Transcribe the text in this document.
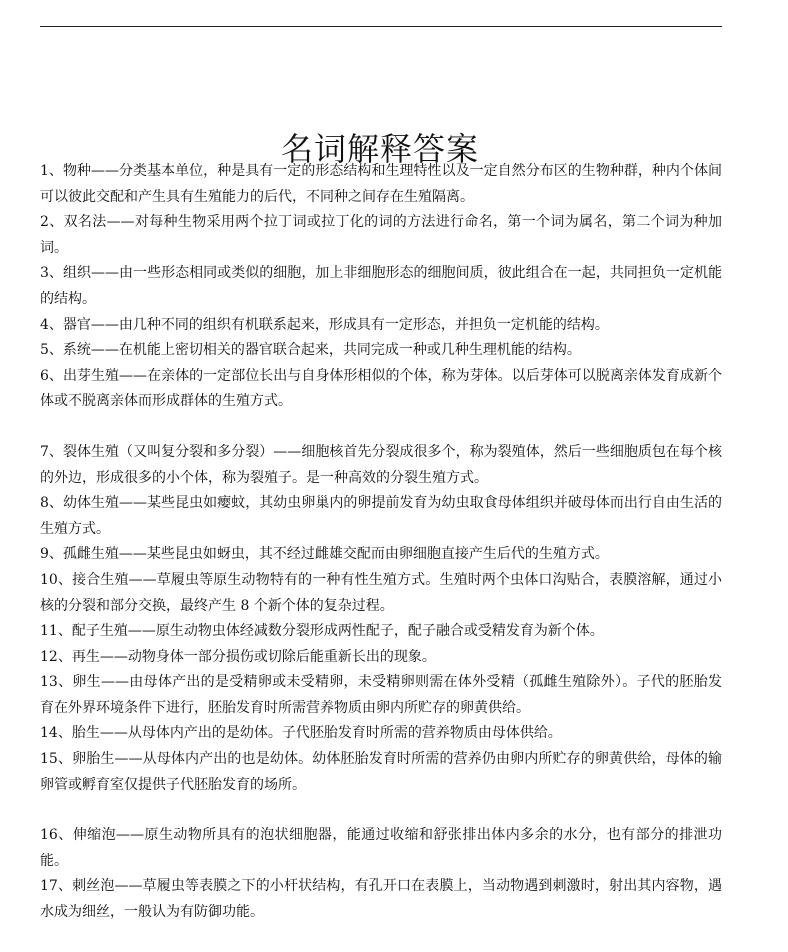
名词解释答案

1、物种——分类基本单位，种是具有一定的形态结构和生理特性以及一定自然分布区的生物种群，种内个体间可以彼此交配和产生具有生殖能力的后代，不同种之间存在生殖隔离。

2、双名法——对每种生物采用两个拉丁词或拉丁化的词的方法进行命名，第一个词为属名，第二个词为种加词。

3、组织——由一些形态相同或类似的细胞，加上非细胞形态的细胞间质，彼此组合在一起，共同担负一定机能的结构。

4、器官——由几种不同的组织有机联系起来，形成具有一定形态，并担负一定机能的结构。

5、系统——在机能上密切相关的器官联合起来，共同完成一种或几种生理机能的结构。

6、出芽生殖——在亲体的一定部位长出与自身体形相似的个体，称为芽体。以后芽体可以脱离亲体发育成新个体或不脱离亲体而形成群体的生殖方式。

7、裂体生殖（又叫复分裂和多分裂）——细胞核首先分裂成很多个，称为裂殖体，然后一些细胞质包在每个核的外边，形成很多的小个体，称为裂殖子。是一种高效的分裂生殖方式。

8、幼体生殖——某些昆虫如瘿蚊，其幼虫卵巢内的卵提前发育为幼虫取食母体组织并破母体而出行自由生活的生殖方式。

9、孤雌生殖——某些昆虫如蚜虫，其不经过雌雄交配而由卵细胞直接产生后代的生殖方式。

10、接合生殖——草履虫等原生动物特有的一种有性生殖方式。生殖时两个虫体口沟贴合，表膜溶解，通过小核的分裂和部分交换，最终产生 8 个新个体的复杂过程。

11、配子生殖——原生动物虫体经减数分裂形成两性配子，配子融合或受精发育为新个体。

12、再生——动物身体一部分损伤或切除后能重新长出的现象。

13、卵生——由母体产出的是受精卵或未受精卵，未受精卵则需在体外受精（孤雌生殖除外）。子代的胚胎发育在外界环境条件下进行，胚胎发育时所需营养物质由卵内所贮存的卵黄供给。

14、胎生——从母体内产出的是幼体。子代胚胎发育时所需的营养物质由母体供给。

15、卵胎生——从母体内产出的也是幼体。幼体胚胎发育时所需的营养仍由卵内所贮存的卵黄供给，母体的输卵管或孵育室仅提供子代胚胎发育的场所。

16、伸缩泡——原生动物所具有的泡状细胞器，能通过收缩和舒张排出体内多余的水分，也有部分的排泄功能。

17、刺丝泡——草履虫等表膜之下的小杆状结构，有孔开口在表膜上，当动物遇到刺激时，射出其内容物，遇水成为细丝，一般认为有防御功能。
